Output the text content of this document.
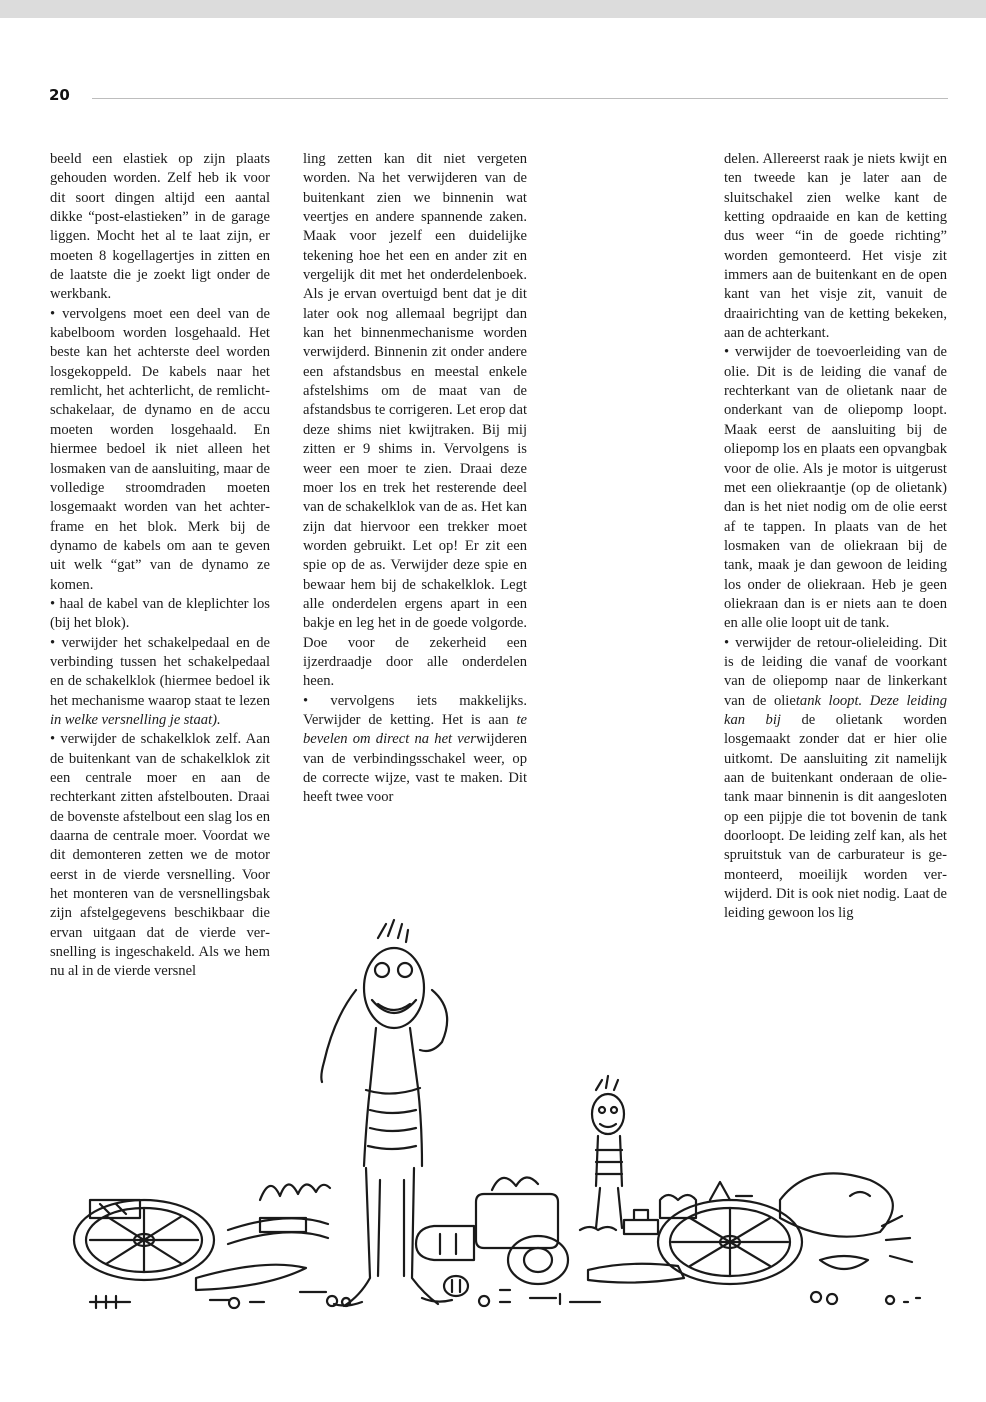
20

beeld een elastiek op zijn plaats gehouden worden. Zelf heb ik voor dit soort dingen altijd een aantal dikke “post-elastieken” in de garage liggen. Mocht het al te laat zijn, er moeten 8 kogellagertjes in zitten en de laatste die je zoekt ligt onder de werkbank.

• vervolgens moet een deel van de kabelboom worden losgehaald. Het beste kan het achterste deel worden losgekoppeld. De kabels naar het remlicht, het achterlicht, de remlichtschakelaar, de dynamo en de accu moeten worden losgehaald. En hiermee bedoel ik niet alleen het losmaken van de aansluiting, maar de volledige stroomdraden moeten losgemaakt worden van het achterframe en het blok. Merk bij de dynamo de kabels om aan te geven uit welk “gat” van de dynamo ze komen.

• haal de kabel van de kleplichter los (bij het blok).

• verwijder het schakelpedaal en de verbinding tussen het schakelpedaal en de schakelklok (hiermee bedoel ik het mechanisme waarop staat te lezen in welke versnelling je staat).

• verwijder de schakelklok zelf. Aan de buitenkant van de schakelklok zit een centrale moer en aan de rechterkant zitten afstelbouten. Draai de bovenste afstelbout een slag los en daarna de centrale moer. Voordat we dit demonteren zetten we de motor eerst in de vierde versnelling. Voor het monteren van de versnellingsbak zijn afstelgegevens beschikbaar die ervan uitgaan dat de vierde versnelling is ingeschakeld. Als we hem nu al in de vierde versnel

ling zetten kan dit niet vergeten worden. Na het verwijderen van de buitenkant zien we binnenin wat veertjes en andere spannende zaken. Maak voor jezelf een duidelijke tekening hoe het een en ander zit en vergelijk dit met het onderdelenboek. Als je ervan overtuigd bent dat je dit later ook nog allemaal begrijpt dan kan het binnenmechanisme worden verwijderd. Binnenin zit onder andere een afstandsbus en meestal enkele afstelshims om de maat van de afstandsbus te corrigeren. Let erop dat deze shims niet kwijtraken. Bij mij zitten er 9 shims in. Vervolgens is weer een moer te zien. Draai deze moer los en trek het resterende deel van de schakelklok van de as. Het kan zijn dat hiervoor een trekker moet worden gebruikt. Let op! Er zit een spie op de as. Verwijder deze spie en bewaar hem bij de schakelklok. Legt alle onderdelen ergens apart in een bakje en leg het in de goede volgorde. Doe voor de zekerheid een ijzerdraadje door alle onderdelen heen.

• vervolgens iets makkelijks. Verwijder de ketting. Het is aan te bevelen om direct na het verwijderen van de verbindingsschakel weer, op de correcte wijze, vast te maken. Dit heeft twee voor

delen. Allereerst raak je niets kwijt en ten tweede kan je later aan de sluitschakel zien welke kant de ketting opdraaide en kan de ketting dus weer “in de goede richting” worden gemonteerd. Het visje zit immers aan de buitenkant en de open kant van het visje zit, vanuit de draairichting van de ketting bekeken, aan de achterkant.

• verwijder de toevoerleiding van de olie. Dit is de leiding die vanaf de rechterkant van de olietank naar de onderkant van de oliepomp loopt. Maak eerst de aansluiting bij de oliepomp los en plaats een opvangbak voor de olie. Als je motor is uitgerust met een oliekraantje (op de olietank) dan is het niet nodig om de olie eerst af te tappen. In plaats van de het losmaken van de oliekraan bij de tank, maak je dan gewoon de leiding los onder de oliekraan. Heb je geen oliekraan dan is er niets aan te doen en alle olie loopt uit de tank.

• verwijder de retour-olieleiding. Dit is de leiding die vanaf de voorkant van de oliepomp naar de linkerkant van de olietank loopt. Deze leiding kan bij de olietank worden losgemaakt zonder dat er hier olie uitkomt. De aansluiting zit namelijk aan de buitenkant onderaan de olietank maar binnenin is dit aangesloten op een pijpje die tot bovenin de tank doorloopt. De leiding zelf kan, als het spruitstuk van de carburateur is gemonteerd, moeilijk worden verwijderd. Dit is ook niet nodig. Laat de leiding gewoon los lig
